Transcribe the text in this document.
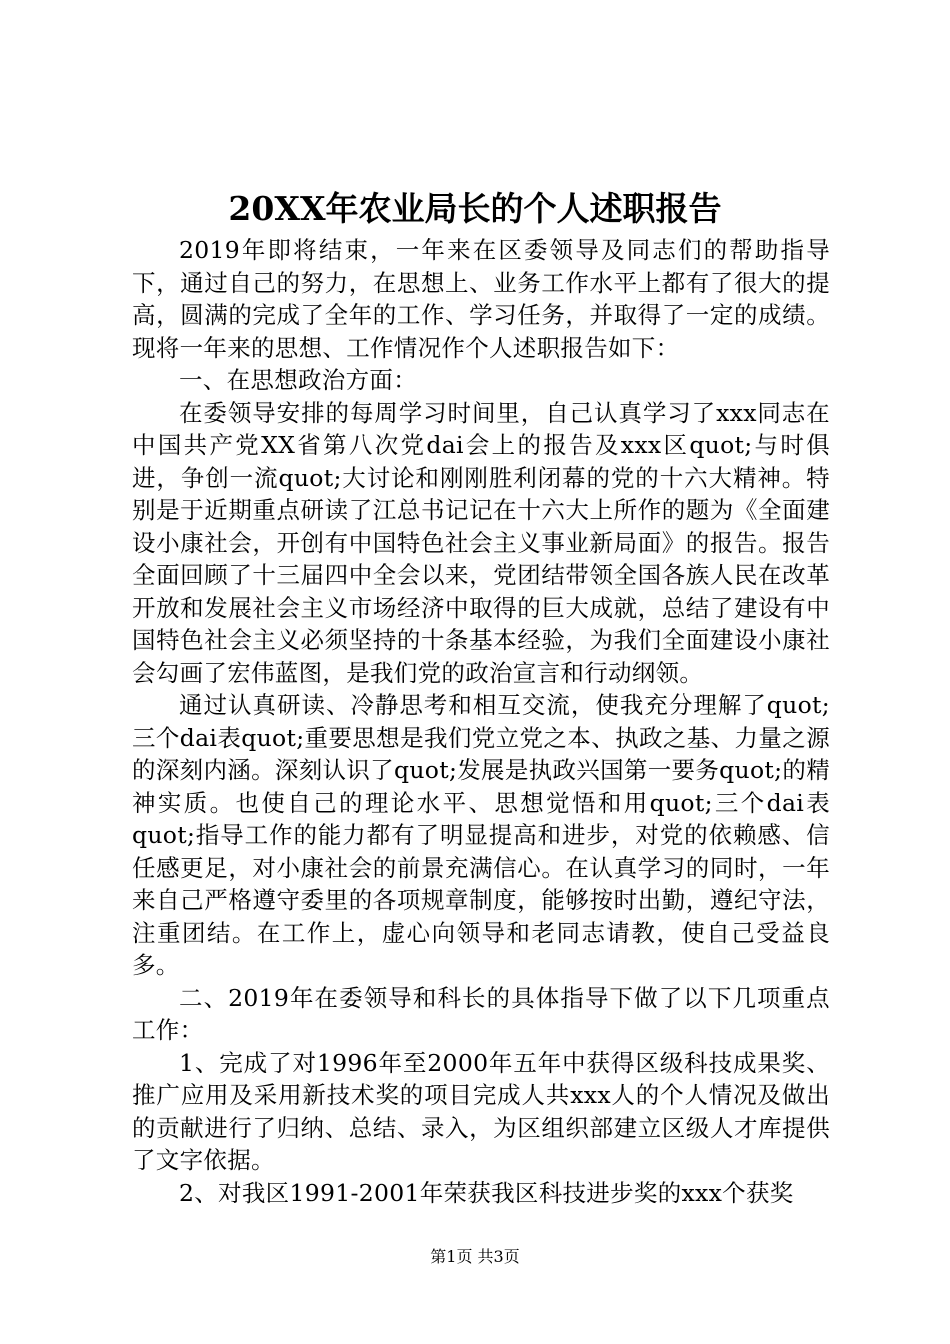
20XX年农业局长的个人述职报告

2019年即将结束，一年来在区委领导及同志们的帮助指导下，通过自己的努力，在思想上、业务工作水平上都有了很大的提高，圆满的完成了全年的工作、学习任务，并取得了一定的成绩。现将一年来的思想、工作情况作个人述职报告如下：

一、在思想政治方面：

在委领导安排的每周学习时间里，自己认真学习了xxx同志在中国共产党XX省第八次党dai会上的报告及xxx区quot;与时俱进，争创一流quot;大讨论和刚刚胜利闭幕的党的十六大精神。特别是于近期重点研读了江总书记记在十六大上所作的题为《全面建设小康社会，开创有中国特色社会主义事业新局面》的报告。报告全面回顾了十三届四中全会以来，党团结带领全国各族人民在改革开放和发展社会主义市场经济中取得的巨大成就，总结了建设有中国特色社会主义必须坚持的十条基本经验，为我们全面建设小康社会勾画了宏伟蓝图，是我们党的政治宣言和行动纲领。

通过认真研读、冷静思考和相互交流，使我充分理解了quot;三个dai表quot;重要思想是我们党立党之本、执政之基、力量之源的深刻内涵。深刻认识了quot;发展是执政兴国第一要务quot;的精神实质。也使自己的理论水平、思想觉悟和用quot;三个dai表quot;指导工作的能力都有了明显提高和进步，对党的依赖感、信任感更足，对小康社会的前景充满信心。在认真学习的同时，一年来自己严格遵守委里的各项规章制度，能够按时出勤，遵纪守法，注重团结。在工作上，虚心向领导和老同志请教，使自己受益良多。

二、2019年在委领导和科长的具体指导下做了以下几项重点工作：

1、完成了对1996年至2000年五年中获得区级科技成果奖、推广应用及采用新技术奖的项目完成人共xxx人的个人情况及做出的贡献进行了归纳、总结、录入，为区组织部建立区级人才库提供了文字依据。

2、对我区1991-2001年荣获我区科技进步奖的xxx个获奖

第1页 共3页
